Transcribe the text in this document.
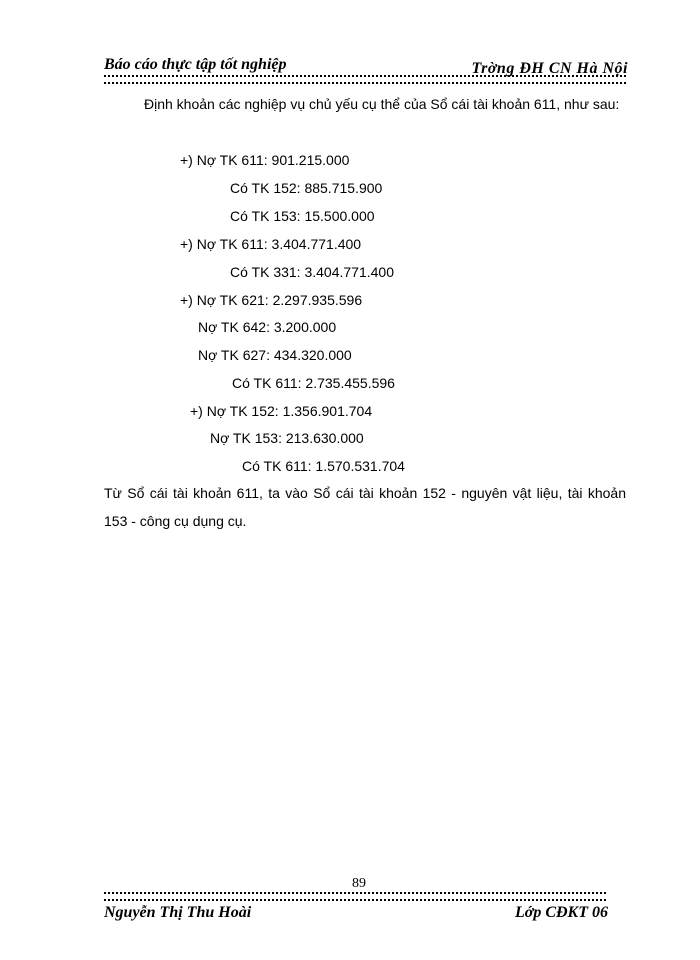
Báo cáo thực tập tốt nghiệp	Trờng ĐH CN Hà Nội
Định khoản các nghiệp vụ chủ yếu cụ thể của Sổ cái tài khoản 611, như sau:
+) Nợ TK 611: 901.215.000
Có TK 152: 885.715.900
Có TK 153: 15.500.000
+) Nợ TK 611: 3.404.771.400
Có TK 331: 3.404.771.400
+) Nợ TK 621: 2.297.935.596
Nợ TK 642: 3.200.000
Nợ TK 627: 434.320.000
Có TK 611: 2.735.455.596
+) Nợ TK 152: 1.356.901.704
Nợ TK 153: 213.630.000
Có TK 611: 1.570.531.704
Từ Sổ cái tài khoản 611, ta vào Sổ cái tài khoản 152 - nguyên vật liệu, tài khoản 153 - công cụ dụng cụ.
89
Nguyễn Thị Thu Hoài	Lớp CĐKT 06
